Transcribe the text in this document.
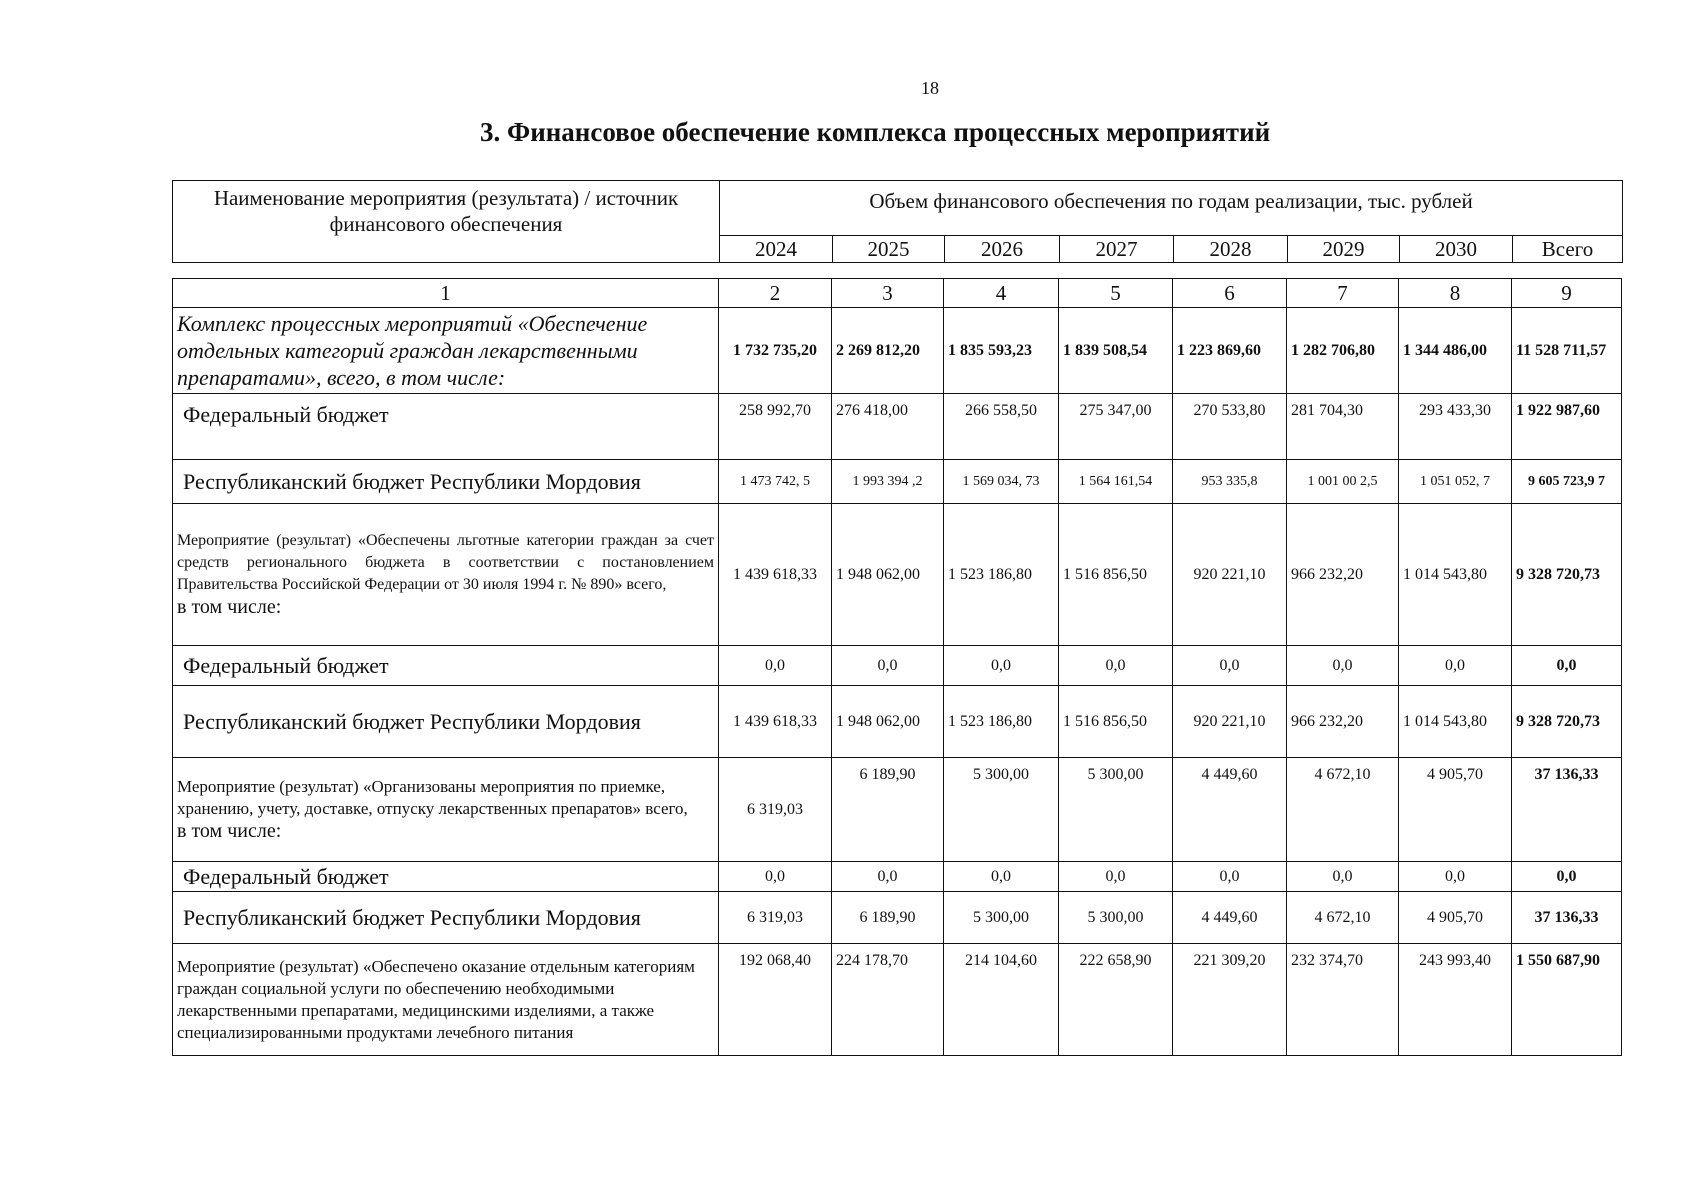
18
3. Финансовое обеспечение комплекса процессных мероприятий
Наименование мероприятия (результата) / источник финансового обеспечения	Объем финансового обеспечения по годам реализации, тыс. рублей							
	2024	2025	2026	2027	2028	2029	2030	Всего
1	2	3	4	5	6	7	8	9
Комплекс процессных мероприятий «Обеспечение отдельных категорий граждан лекарственными препаратами», всего, в том числе:	1 732 735,20	2 269 812,20	1 835 593,23	1 839 508,54	1 223 869,60	1 282 706,80	1 344 486,00	11 528 711,57
Федеральный бюджет	258 992,70	276 418,00	266 558,50	275 347,00	270 533,80	281 704,30	293 433,30	1 922 987,60
Республиканский бюджет Республики Мордовия	1 473 742, 5	1 993 394 ,2	1 569 034, 73	1 564 161,54	953 335,8	1 001 00 2,5	1 051 052, 7	9 605 723,9 7
Мероприятие (результат) «Обеспечены льготные категории граждан за счет средств регионального бюджета в соответствии с постановлением Правительства Российской Федерации от 30 июля 1994 г. № 890» всего,
в том числе:	1 439 618,33	1 948 062,00	1 523 186,80	1 516 856,50	920 221,10	966 232,20	1 014 543,80	9 328 720,73
Федеральный бюджет	0,0	0,0	0,0	0,0	0,0	0,0	0,0	0,0
Республиканский бюджет Республики Мордовия	1 439 618,33	1 948 062,00	1 523 186,80	1 516 856,50	920 221,10	966 232,20	1 014 543,80	9 328 720,73
Мероприятие (результат) «Организованы мероприятия по приемке, хранению, учету, доставке, отпуску лекарственных препаратов» всего,
в том числе:	6 319,03	6 189,90	5 300,00	5 300,00	4 449,60	4 672,10	4 905,70	37 136,33
Федеральный бюджет	0,0	0,0	0,0	0,0	0,0	0,0	0,0	0,0
Республиканский бюджет Республики Мордовия	6 319,03	6 189,90	5 300,00	5 300,00	4 449,60	4 672,10	4 905,70	37 136,33
Мероприятие (результат) «Обеспечено оказание отдельным категориям граждан социальной услуги по обеспечению необходимыми лекарственными препаратами, медицинскими изделиями, а также специализированными продуктами лечебного питания	192 068,40	224 178,70	214 104,60	222 658,90	221 309,20	232 374,70	243 993,40	1 550 687,90
